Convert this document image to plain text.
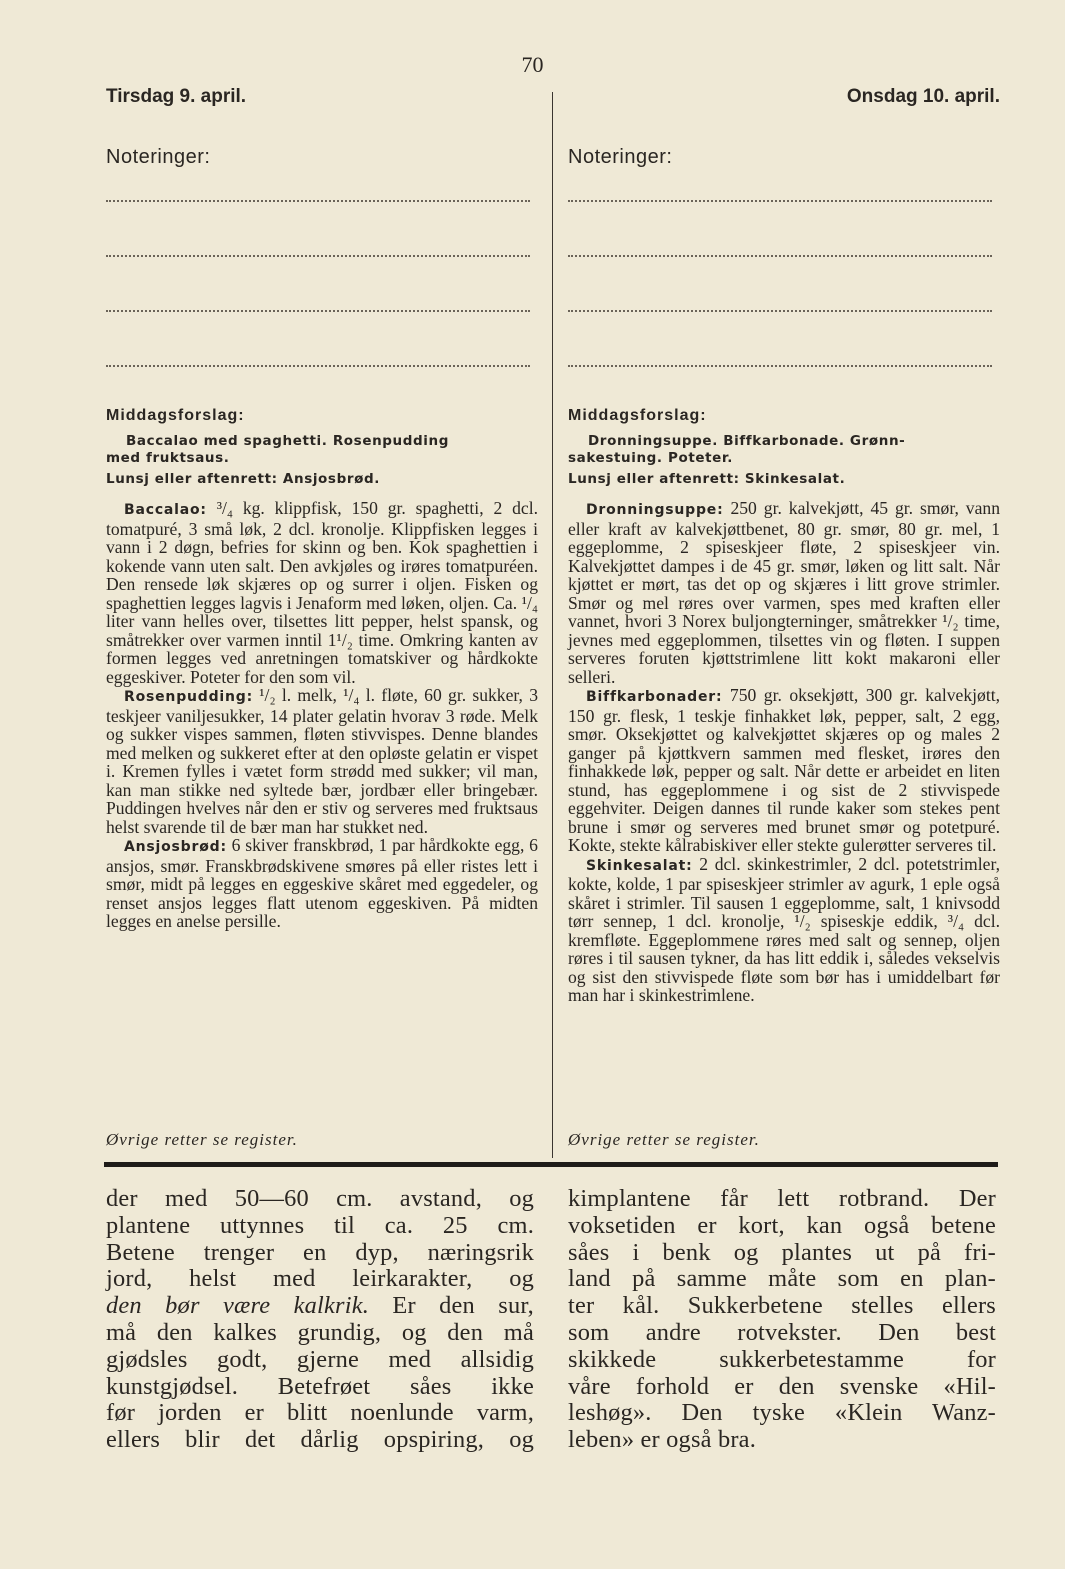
70
Tirsdag 9. april.
Noteringer:
Middagsforslag:
Baccalao med spaghetti. Rosenpudding
med fruktsaus.
Lunsj eller aftenrett: Ansjosbrød.

Baccalao: ³/₄ kg. klippfisk, 150 gr. spaghetti, 2 dcl. tomatpuré, 3 små løk, 2 dcl. kronolje. Klippfisken legges i vann i 2 døgn, befries for skinn og ben. Kok spaghettien i kokende vann uten salt. Den avkjøles og irøres tomatpuréen. Den rensede løk skjæres op og surrer i oljen. Fisken og spaghettien legges lagvis i Jenaform med løken, oljen. Ca. ¹/₄ liter vann helles over, tilsettes litt pepper, helst spansk, og småtrekker over varmen inntil 1¹/₂ time. Omkring kanten av formen legges ved anretningen tomatskiver og hårdkokte eggeskiver. Poteter for den som vil.

Rosenpudding: ¹/₂ l. melk, ¹/₄ l. fløte, 60 gr. sukker, 3 teskjeer vaniljesukker, 14 plater gelatin hvorav 3 røde. Melk og sukker vispes sammen, fløten stivvispes. Denne blandes med melken og sukkeret efter at den opløste gelatin er vispet i. Kremen fylles i vætet form strødd med sukker; vil man, kan man stikke ned syltede bær, jordbær eller bringebær. Puddingen hvelves når den er stiv og serveres med fruktsaus helst svarende til de bær man har stukket ned.

Ansjosbrød: 6 skiver franskbrød, 1 par hårdkokte egg, 6 ansjos, smør. Franskbrødskivene smøres på eller ristes lett i smør, midt på legges en eggeskive skåret med eggedeler, og renset ansjos legges flatt utenom eggeskiven. På midten legges en anelse persille.

Onsdag 10. april.
Noteringer:
Middagsforslag:
Dronningsuppe. Biffkarbonade. Grønn-
sakestuing. Poteter.
Lunsj eller aftenrett: Skinkesalat.

Dronningsuppe: 250 gr. kalvekjøtt, 45 gr. smør, vann eller kraft av kalvekjøttbenet, 80 gr. smør, 80 gr. mel, 1 eggeplomme, 2 spiseskjeer fløte, 2 spiseskjeer vin. Kalvekjøttet dampes i de 45 gr. smør, løken og litt salt. Når kjøttet er mørt, tas det op og skjæres i litt grove strimler. Smør og mel røres over varmen, spes med kraften eller vannet, hvori 3 Norex buljongterninger, småtrekker ¹/₂ time, jevnes med eggeplommen, tilsettes vin og fløten. I suppen serveres foruten kjøttstrimlene litt kokt makaroni eller selleri.

Biffkarbonader: 750 gr. oksekjøtt, 300 gr. kalvekjøtt, 150 gr. flesk, 1 teskje finhakket løk, pepper, salt, 2 egg, smør. Oksekjøttet og kalvekjøttet skjæres op og males 2 ganger på kjøttkvern sammen med flesket, irøres den finhakkede løk, pepper og salt. Når dette er arbeidet en liten stund, has eggeplommene i og sist de 2 stivvispede eggehviter. Deigen dannes til runde kaker som stekes pent brune i smør og serveres med brunet smør og potetpuré. Kokte, stekte kålrabiskiver eller stekte gulerøtter serveres til.

Skinkesalat: 2 dcl. skinkestrimler, 2 dcl. potetstrimler, kokte, kolde, 1 par spiseskjeer strimler av agurk, 1 eple også skåret i strimler. Til sausen 1 eggeplomme, salt, 1 knivsodd tørr sennep, 1 dcl. kronolje, ¹/₂ spiseskje eddik, ³/₄ dcl. kremfløte. Eggeplommene røres med salt og sennep, oljen røres i til sausen tykner, da has litt eddik i, således vekselvis og sist den stivvispede fløte som bør has i umiddelbart før man har i skinkestrimlene.

Øvrige retter se register.	Øvrige retter se register.
der med 50—60 cm. avstand, og
plantene uttynnes til ca. 25 cm.
Betene trenger en dyp, næringsrik
jord, helst med leirkarakter, og
den bør være kalkrik. Er den sur,
må den kalkes grundig, og den må
gjødsles godt, gjerne med allsidig
kunstgjødsel. Betefrøet såes ikke
før jorden er blitt noenlunde varm,
ellers blir det dårlig opspiring, og
kimplantene får lett rotbrand. Der
voksetiden er kort, kan også betene
såes i benk og plantes ut på fri-
land på samme måte som en plan-
ter kål. Sukkerbetene stelles ellers
som andre rotvekster. Den best
skikkede sukkerbetestamme for
våre forhold er den svenske «Hil-
leshøg». Den tyske «Klein Wanz-
leben» er også bra.
